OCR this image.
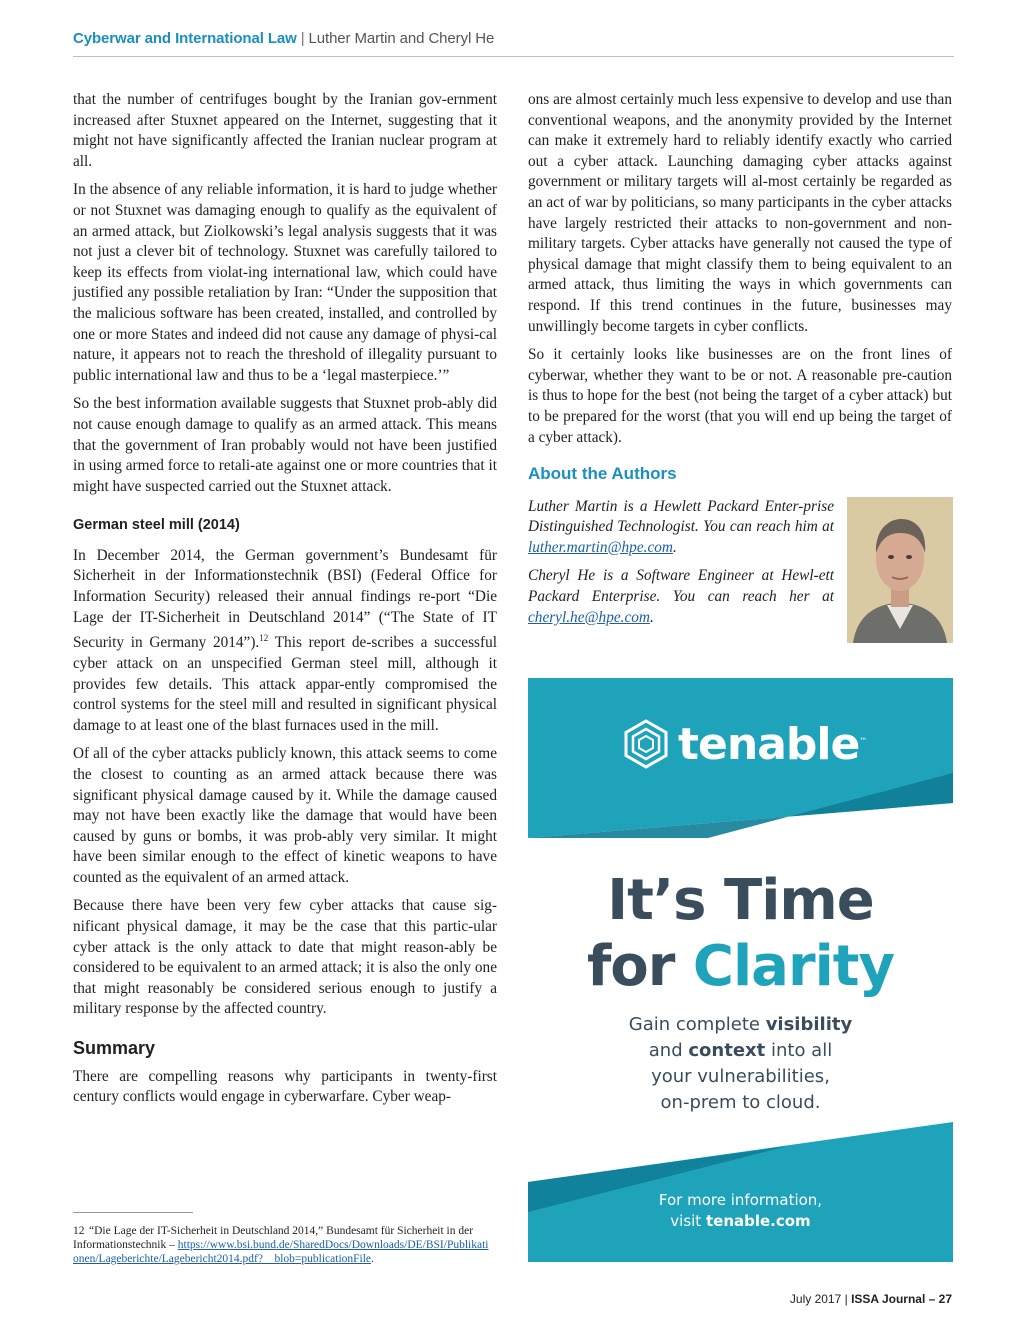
Cyberwar and International Law | Luther Martin and Cheryl He

that the number of centrifuges bought by the Iranian gov-ernment increased after Stuxnet appeared on the Internet, suggesting that it might not have significantly affected the Iranian nuclear program at all.

In the absence of any reliable information, it is hard to judge whether or not Stuxnet was damaging enough to qualify as the equivalent of an armed attack, but Ziolkowski’s legal analysis suggests that it was not just a clever bit of technology. Stuxnet was carefully tailored to keep its effects from violat-ing international law, which could have justified any possible retaliation by Iran: “Under the supposition that the malicious software has been created, installed, and controlled by one or more States and indeed did not cause any damage of physi-cal nature, it appears not to reach the threshold of illegality pursuant to public international law and thus to be a ‘legal masterpiece.’”

So the best information available suggests that Stuxnet prob-ably did not cause enough damage to qualify as an armed attack. This means that the government of Iran probably would not have been justified in using armed force to retali-ate against one or more countries that it might have suspected carried out the Stuxnet attack.

German steel mill (2014)

In December 2014, the German government’s Bundesamt für Sicherheit in der Informationstechnik (BSI) (Federal Office for Information Security) released their annual findings re-port “Die Lage der IT-Sicherheit in Deutschland 2014” (“The State of IT Security in Germany 2014”).$^{12}$ This report de-scribes a successful cyber attack on an unspecified German steel mill, although it provides few details. This attack appar-ently compromised the control systems for the steel mill and resulted in significant physical damage to at least one of the blast furnaces used in the mill.

Of all of the cyber attacks publicly known, this attack seems to come the closest to counting as an armed attack because there was significant physical damage caused by it. While the damage caused may not have been exactly like the damage that would have been caused by guns or bombs, it was prob-ably very similar. It might have been similar enough to the effect of kinetic weapons to have counted as the equivalent of an armed attack.

Because there have been very few cyber attacks that cause sig-nificant physical damage, it may be the case that this partic-ular cyber attack is the only attack to date that might reason-ably be considered to be equivalent to an armed attack; it is also the only one that might reasonably be considered serious enough to justify a military response by the affected country.

Summary

There are compelling reasons why participants in twenty-first century conflicts would engage in cyberwarfare. Cyber weap-

12 “Die Lage der IT-Sicherheit in Deutschland 2014,” Bundesamt für Sicherheit in der Informationstechnik – https://www.bsi.bund.de/SharedDocs/Downloads/DE/BSI/Publikationen/Lageberichte/Lagebericht2014.pdf?__blob=publicationFile.

ons are almost certainly much less expensive to develop and use than conventional weapons, and the anonymity provided by the Internet can make it extremely hard to reliably identify exactly who carried out a cyber attack. Launching damaging cyber attacks against government or military targets will al-most certainly be regarded as an act of war by politicians, so many participants in the cyber attacks have largely restricted their attacks to non-government and non-military targets. Cyber attacks have generally not caused the type of physical damage that might classify them to being equivalent to an armed attack, thus limiting the ways in which governments can respond. If this trend continues in the future, businesses may unwillingly become targets in cyber conflicts.

So it certainly looks like businesses are on the front lines of cyberwar, whether they want to be or not. A reasonable pre-caution is thus to hope for the best (not being the target of a cyber attack) but to be prepared for the worst (that you will end up being the target of a cyber attack).

About the Authors

Luther Martin is a Hewlett Packard Enter-prise Distinguished Technologist. You can reach him at luther.martin@hpe.com.

Cheryl He is a Software Engineer at Hewl-ett Packard Enterprise. You can reach her at cheryl.he@hpe.com.

tenable™
It’s Time
for Clarity
Gain complete visibility
and context into all
your vulnerabilities,
on-prem to cloud.
For more information,
visit tenable.com
July 2017 | ISSA Journal – 27
